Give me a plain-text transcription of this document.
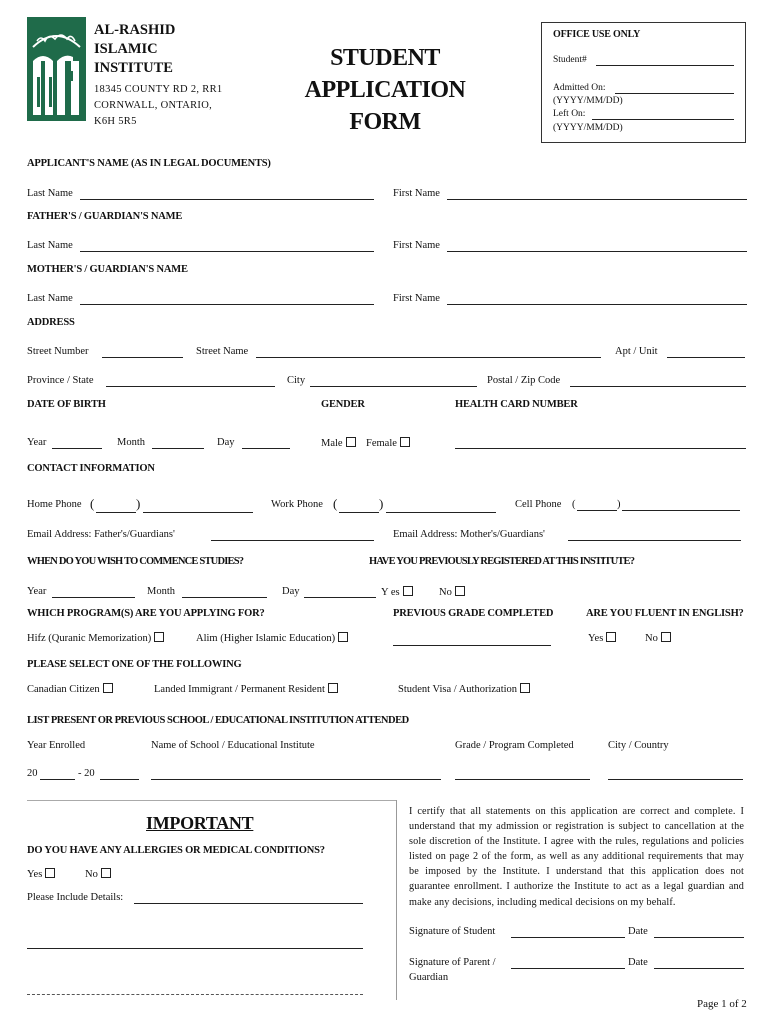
AL-RASHID
ISLAMIC
INSTITUTE
18345 COUNTY RD 2, RR1
CORNWALL, ONTARIO,
K6H 5R5
STUDENT APPLICATION
FORM
OFFICE USE ONLY
Student#
Admitted On:
(YYYY/MM/DD)
Left On:
(YYYY/MM/DD)
APPLICANT'S NAME (AS IN LEGAL DOCUMENTS)
Last Name	First Name
FATHER'S / GUARDIAN'S NAME
Last Name	First Name
MOTHER'S / GUARDIAN'S NAME
Last Name	First Name
ADDRESS
Street Number	Street Name	Apt / Unit
Province / State	City	Postal / Zip Code
DATE OF BIRTH	GENDER	HEALTH CARD NUMBER
Year	Month	Day	Male	Female
CONTACT INFORMATION
Home Phone (	)	Work Phone (	)	Cell Phone (	)
Email Address: Father's/Guardians'	Email Address: Mother's/Guardians'
WHEN DO YOU WISH TO COMMENCE STUDIES?	HAVE YOU PREVIOUSLY REGISTERED AT THIS INSTITUTE?
Year	Month	Day	Y es	No
WHICH PROGRAM(S) ARE YOU APPLYING FOR?	PREVIOUS GRADE COMPLETED	ARE YOU FLUENT IN ENGLISH?
Hifz (Quranic Memorization)	Alim (Higher Islamic Education)	Yes	No
PLEASE SELECT ONE OF THE FOLLOWING
Canadian Citizen	Landed Immigrant / Permanent Resident	Student Visa / Authorization
LIST PRESENT OR PREVIOUS SCHOOL / EDUCATIONAL INSTITUTION ATTENDED
Year Enrolled	Name of School / Educational Institute	Grade / Program Completed	City / Country
20	- 20
IMPORTANT
DO YOU HAVE ANY ALLERGIES OR MEDICAL CONDITIONS?
Yes	No
Please Include Details:
I certify that all statements on this application are correct and complete. I understand that my admission or registration is subject to cancellation at the sole discretion of the Institute. I agree with the rules, regulations and policies listed on page 2 of the form, as well as any additional requirements that may be imposed by the Institute. I understand that this application does not guarantee enrollment. I authorize the Institute to act as a legal guardian and make any decisions, including medical decisions on my behalf.
Signature of Student	Date
Signature of Parent /	Date
Guardian
Page 1 of 2
